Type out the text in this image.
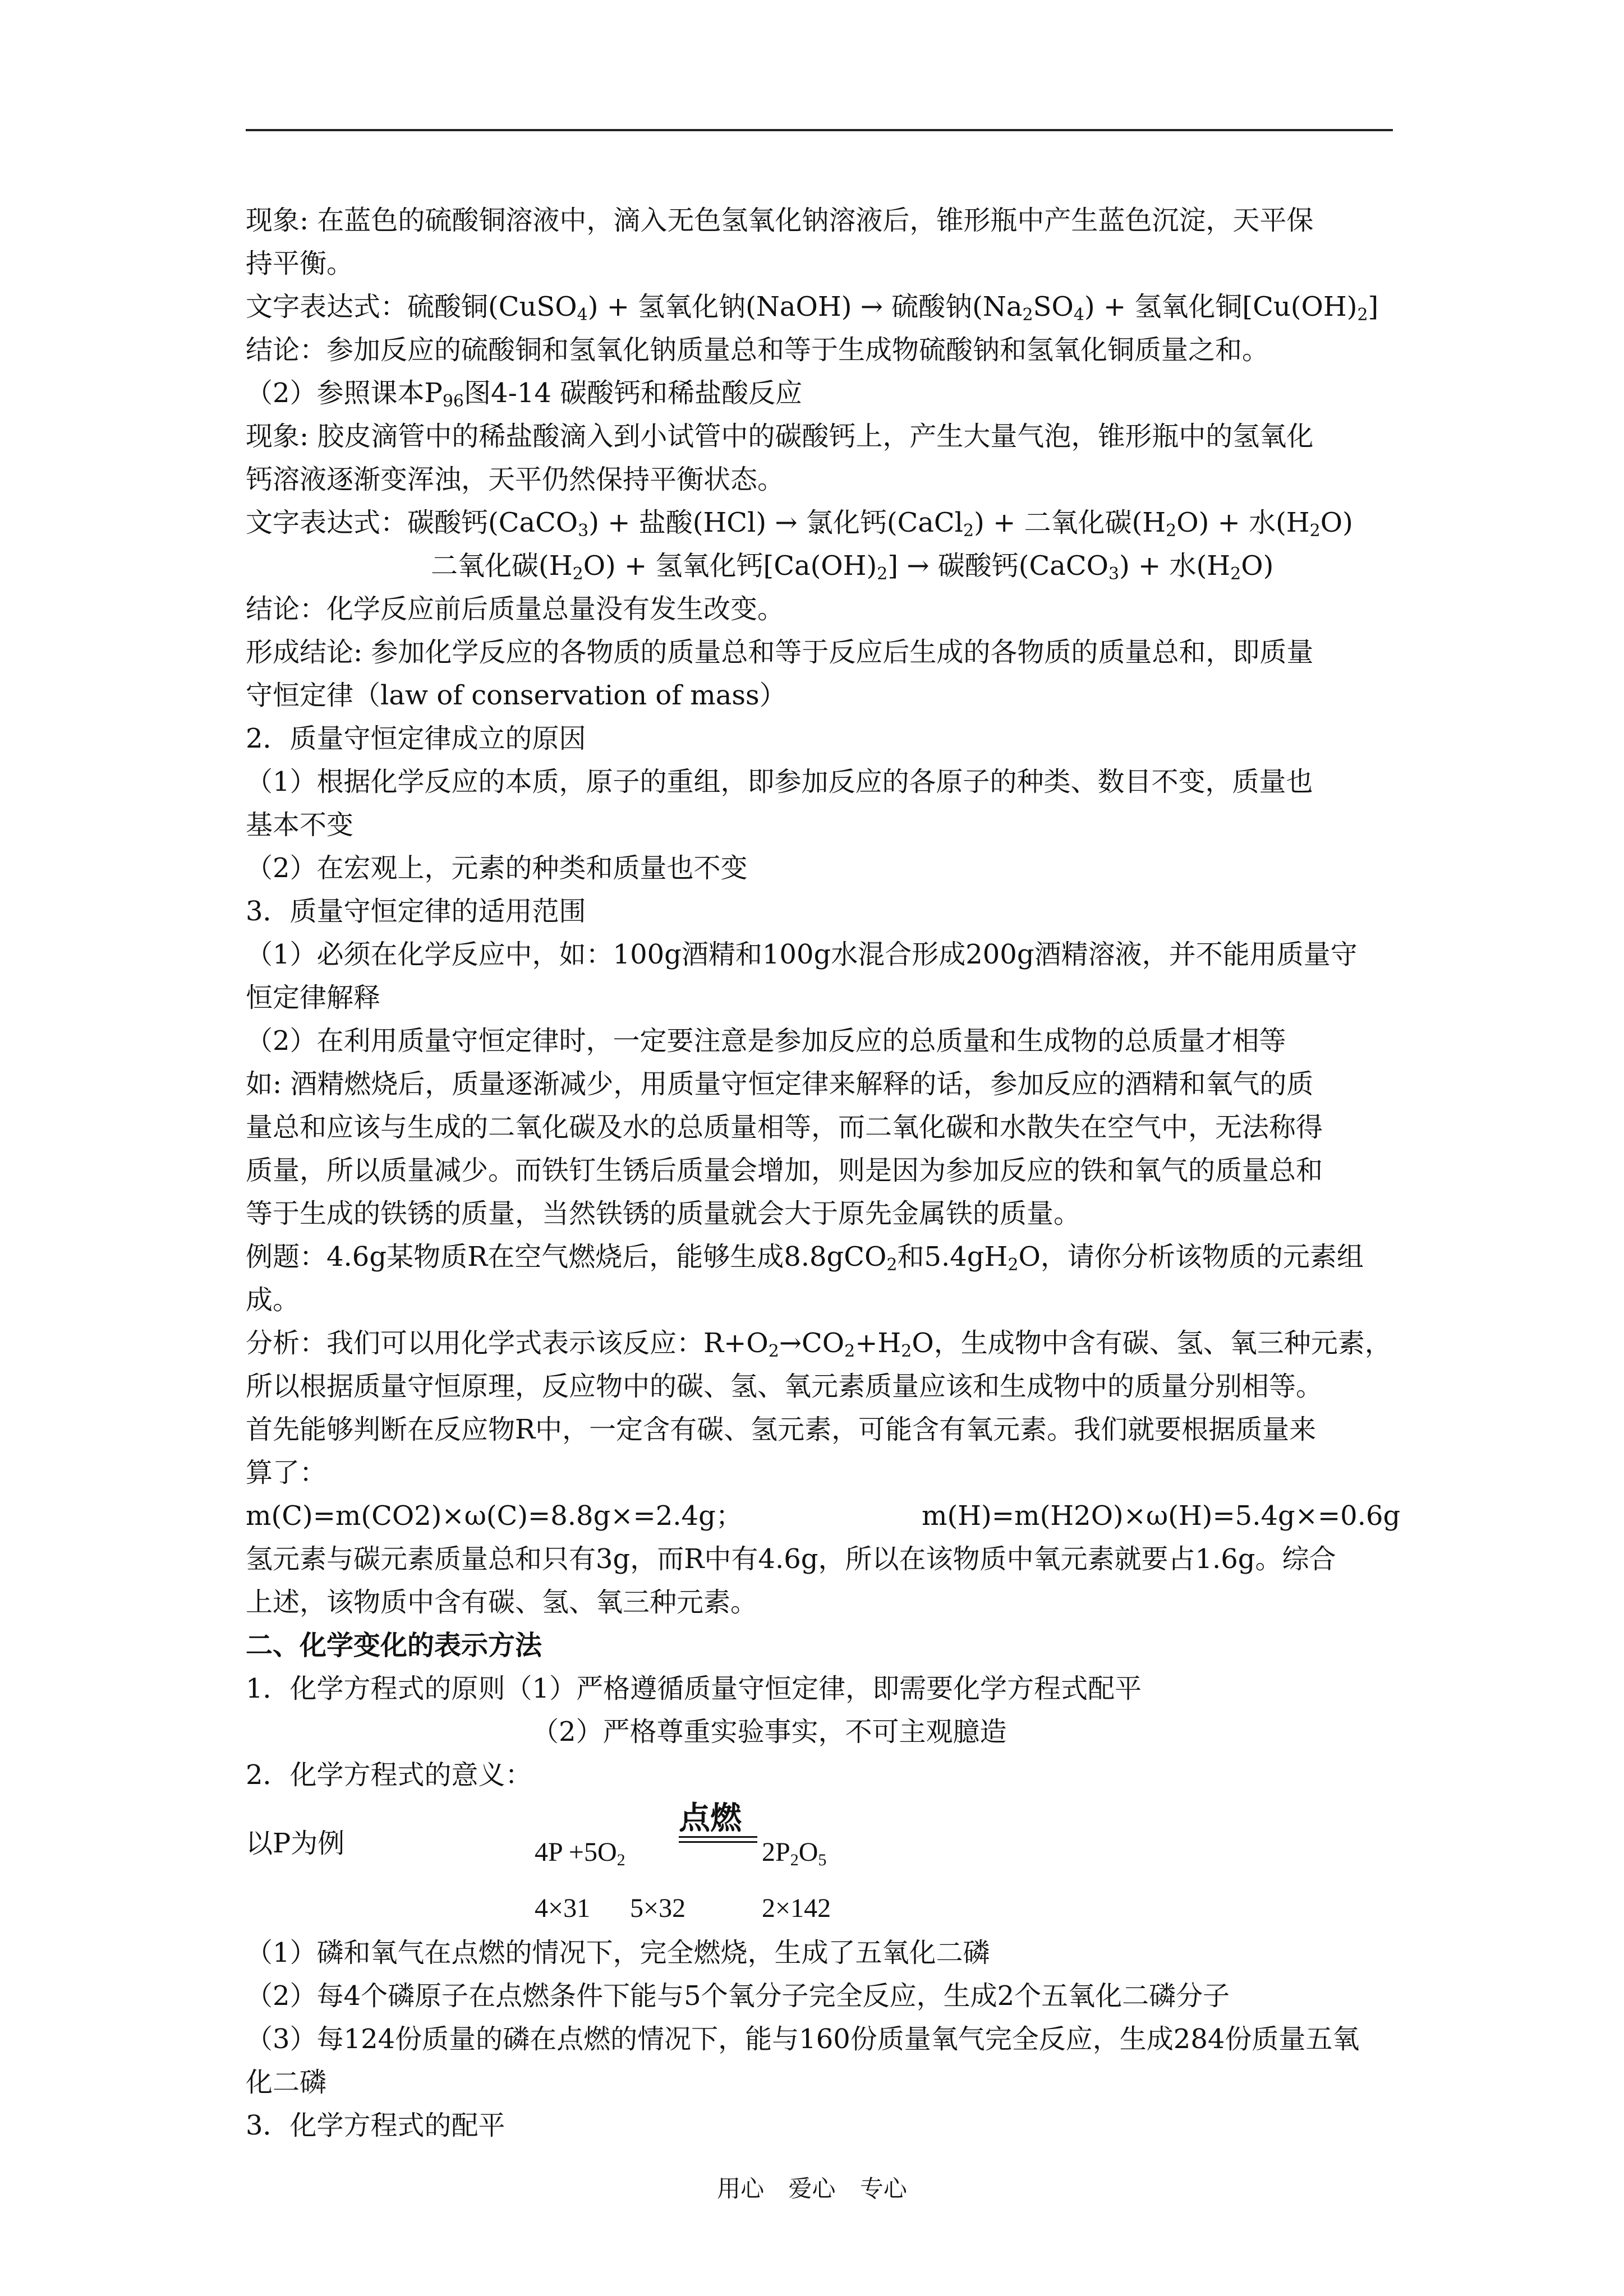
现象: 在蓝色的硫酸铜溶液中，滴入无色氢氧化钠溶液后，锥形瓶中产生蓝色沉淀，天平保
持平衡。
文字表达式：硫酸铜(CuSO$_4$) + 氢氧化钠(NaOH) → 硫酸钠$(Na_2SO_4)$ + 氢氧化铜$[Cu(OH)_2]$
结论：参加反应的硫酸铜和氢氧化钠质量总和等于生成物硫酸钠和氢氧化铜质量之和。
（2）参照课本$P_{96}$图4-14 碳酸钙和稀盐酸反应
现象: 胶皮滴管中的稀盐酸滴入到小试管中的碳酸钙上，产生大量气泡，锥形瓶中的氢氧化
钙溶液逐渐变浑浊，天平仍然保持平衡状态。
文字表达式：碳酸钙(CaCO$_3$) + 盐酸(HCl) → 氯化钙(CaCl$_2$) + 二氧化碳$(H_2O)$ + 水$(H_2O)$
二氧化碳$(H_2O)$ + 氢氧化钙$[Ca(OH)_2]$ → 碳酸钙(CaCO$_3$) + 水$(H_2O)$
结论：化学反应前后质量总量没有发生改变。
形成结论: 参加化学反应的各物质的质量总和等于反应后生成的各物质的质量总和，即质量
守恒定律（law of conservation of mass）
2．质量守恒定律成立的原因
（1）根据化学反应的本质，原子的重组，即参加反应的各原子的种类、数目不变，质量也
基本不变
（2）在宏观上，元素的种类和质量也不变
3．质量守恒定律的适用范围
（1）必须在化学反应中，如：100g酒精和100g水混合形成200g酒精溶液，并不能用质量守
恒定律解释
（2）在利用质量守恒定律时，一定要注意是参加反应的总质量和生成物的总质量才相等
如: 酒精燃烧后，质量逐渐减少，用质量守恒定律来解释的话，参加反应的酒精和氧气的质
量总和应该与生成的二氧化碳及水的总质量相等，而二氧化碳和水散失在空气中，无法称得
质量，所以质量减少。而铁钉生锈后质量会增加，则是因为参加反应的铁和氧气的质量总和
等于生成的铁锈的质量，当然铁锈的质量就会大于原先金属铁的质量。
例题：4.6g某物质R在空气燃烧后，能够生成8.8gCO$_2$和$5.4gH_2O$，请你分析该物质的元素组
成。
分析：我们可以用化学式表示该反应：$R+O_2\to CO_2+H_2O$，生成物中含有碳、氢、氧三种元素，
所以根据质量守恒原理，反应物中的碳、氢、氧元素质量应该和生成物中的质量分别相等。
首先能够判断在反应物R中，一定含有碳、氢元素，可能含有氧元素。我们就要根据质量来
算了：
m(C)=m(CO2)×ω(C)=8.8g×=2.4g；	m(H)=m(H2O)×ω(H)=5.4g×=0.6g
氢元素与碳元素质量总和只有3g，而R中有4.6g，所以在该物质中氧元素就要占1.6g。综合
上述，该物质中含有碳、氢、氧三种元素。
二、化学变化的表示方法
1．化学方程式的原则（1）严格遵循质量守恒定律，即需要化学方程式配平
（2）严格尊重实验事实，不可主观臆造
2．化学方程式的意义：
以P为例	$4P +5O_2$
点燃
$2P_2O_5$
4×31 5×32	2×142
（1）磷和氧气在点燃的情况下，完全燃烧，生成了五氧化二磷
（2）每4个磷原子在点燃条件下能与5个氧分子完全反应，生成2个五氧化二磷分子
（3）每124份质量的磷在点燃的情况下，能与160份质量氧气完全反应，生成284份质量五氧
化二磷
3．化学方程式的配平
用心 爱心 专心
